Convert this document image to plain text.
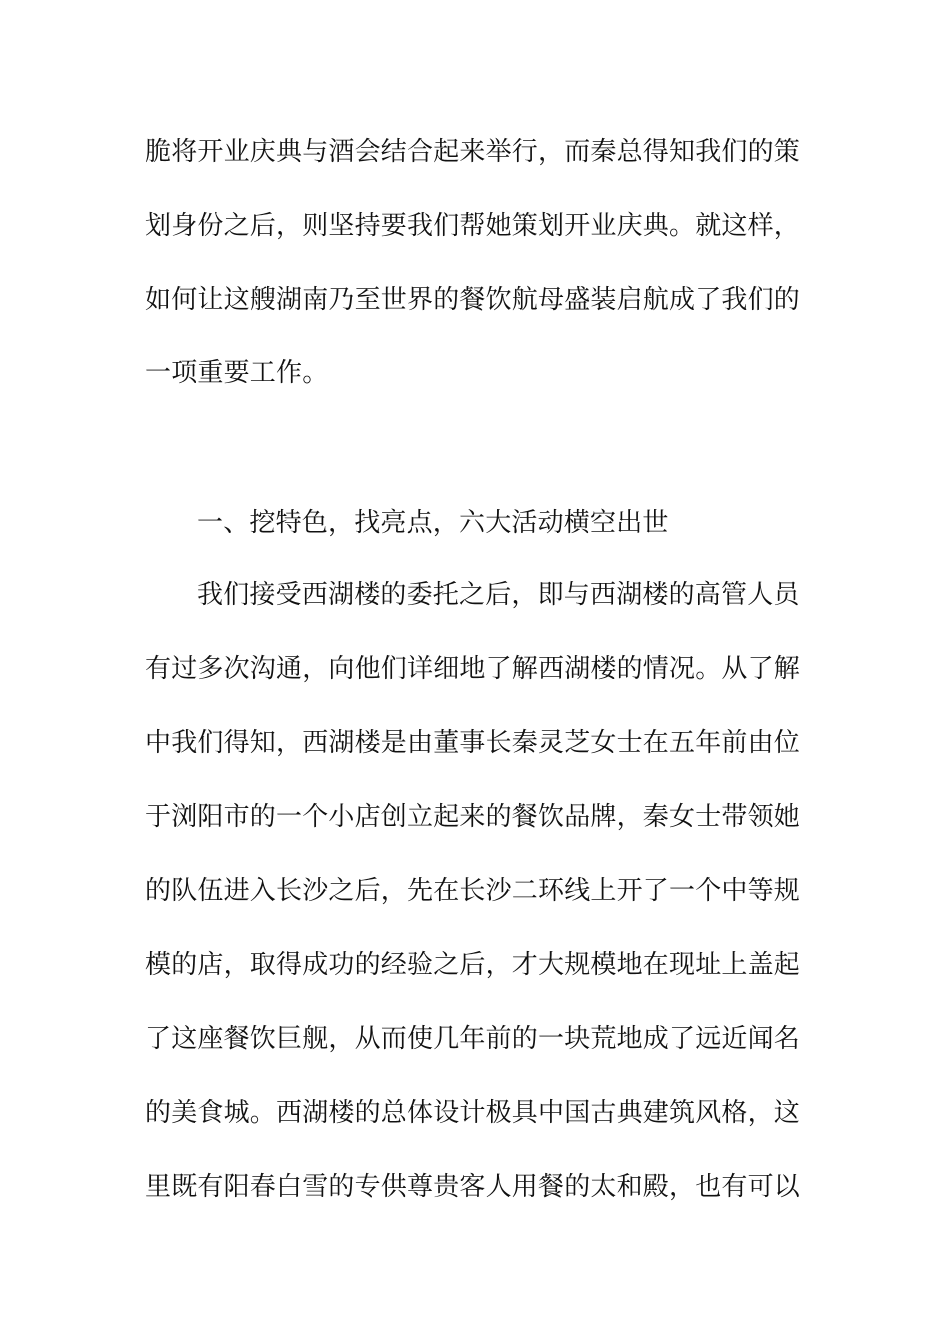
脆将开业庆典与酒会结合起来举行，而秦总得知我们的策
划身份之后，则坚持要我们帮她策划开业庆典。就这样，
如何让这艘湖南乃至世界的餐饮航母盛装启航成了我们的
一项重要工作。
一、挖特色，找亮点，六大活动横空出世
我们接受西湖楼的委托之后，即与西湖楼的高管人员
有过多次沟通，向他们详细地了解西湖楼的情况。从了解
中我们得知，西湖楼是由董事长秦灵芝女士在五年前由位
于浏阳市的一个小店创立起来的餐饮品牌，秦女士带领她
的队伍进入长沙之后，先在长沙二环线上开了一个中等规
模的店，取得成功的经验之后，才大规模地在现址上盖起
了这座餐饮巨舰，从而使几年前的一块荒地成了远近闻名
的美食城。西湖楼的总体设计极具中国古典建筑风格，这
里既有阳春白雪的专供尊贵客人用餐的太和殿，也有可以
